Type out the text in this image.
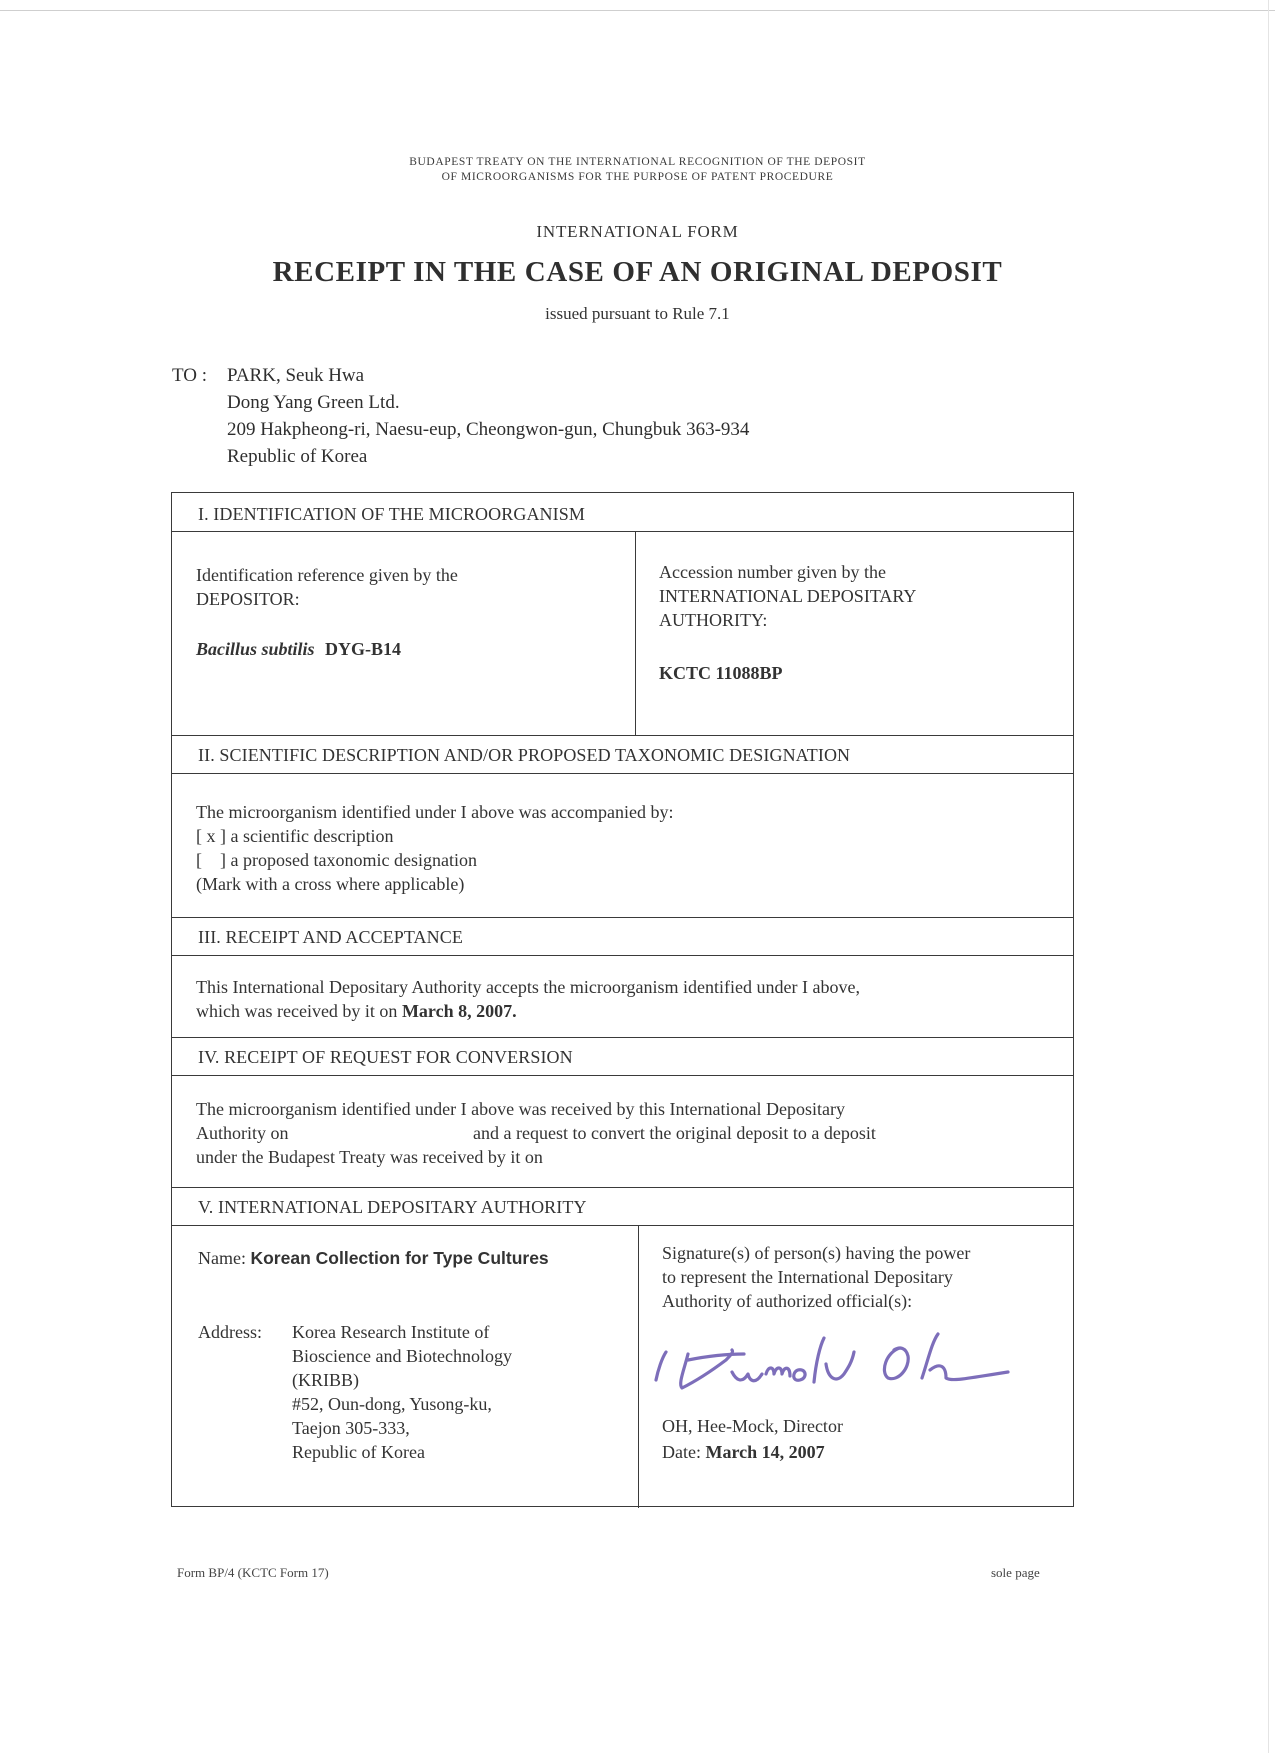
BUDAPEST TREATY ON THE INTERNATIONAL RECOGNITION OF THE DEPOSIT
OF MICROORGANISMS FOR THE PURPOSE OF PATENT PROCEDURE
INTERNATIONAL FORM
RECEIPT IN THE CASE OF AN ORIGINAL DEPOSIT
issued pursuant to Rule 7.1
TO : PARK, Seuk Hwa
Dong Yang Green Ltd.
209 Hakpheong-ri, Naesu-eup, Cheongwon-gun, Chungbuk 363-934
Republic of Korea
I. IDENTIFICATION OF THE MICROORGANISM
Identification reference given by the
DEPOSITOR:
Bacillus subtilis DYG-B14
Accession number given by the
INTERNATIONAL DEPOSITARY
AUTHORITY:
KCTC 11088BP
II. SCIENTIFIC DESCRIPTION AND/OR PROPOSED TAXONOMIC DESIGNATION
The microorganism identified under I above was accompanied by:
[ x ] a scientific description
[    ] a proposed taxonomic designation
(Mark with a cross where applicable)
III. RECEIPT AND ACCEPTANCE
This International Depositary Authority accepts the microorganism identified under I above,
which was received by it on March 8, 2007.
IV. RECEIPT OF REQUEST FOR CONVERSION
The microorganism identified under I above was received by this International Depositary
Authority on	and a request to convert the original deposit to a deposit
under the Budapest Treaty was received by it on
V. INTERNATIONAL DEPOSITARY AUTHORITY
Name: Korean Collection for Type Cultures
Address: Korea Research Institute of
Bioscience and Biotechnology
(KRIBB)
#52, Oun-dong, Yusong-ku,
Taejon 305-333,
Republic of Korea
Signature(s) of person(s) having the power
to represent the International Depositary
Authority of authorized official(s):
OH, Hee-Mock, Director
Date: March 14, 2007
Form BP/4 (KCTC Form 17)	sole page
